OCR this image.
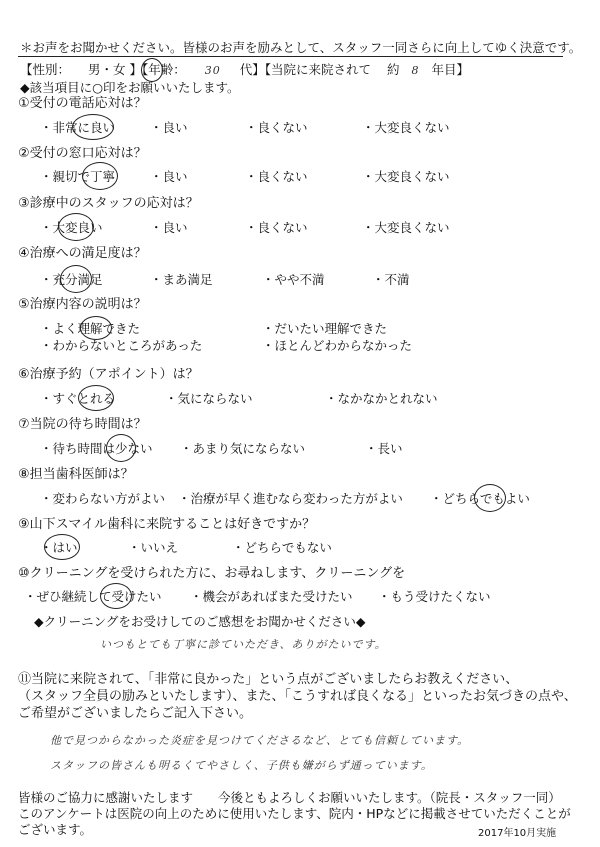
＊お声をお聞かせください。皆様のお声を励みとして、スタッフ一同さらに向上してゆく決意です。
【性別： 男・女 】【年齢： 30 代】【当院に来院されて 約 8 年目】
◆該当項目に○印をお願いいたします。
①受付の電話応対は？
・非常に良い	・良い	・良くない	・大変良くない
②受付の窓口応対は？
・親切で丁寧	・良い	・良くない	・大変良くない
③診療中のスタッフの応対は？
・大変良い	・良い	・良くない	・大変良くない
④治療への満足度は？
・充分満足	・まあ満足	・やや不満	・不満
⑤治療内容の説明は？
・よく理解できた	・だいたい理解できた
・わからないところがあった	・ほとんどわからなかった
⑥治療予約（アポイント）は？
・すぐとれる	・気にならない	・なかなかとれない
⑦当院の待ち時間は？
・待ち時間は少ない ・あまり気にならない	・長い
⑧担当歯科医師は？
・変わらない方がよい ・治療が早く進むなら変わった方がよい ・どちらでもよい
⑨山下スマイル歯科に来院することは好きですか？
・はい	・いいえ	・どちらでもない
⑩クリーニングを受けられた方に、お尋ねします、クリーニングを
・ぜひ継続して受けたい ・機会があればまた受けたい ・もう受けたくない
◆クリーニングをお受けしてのご感想をお聞かせください◆
いつもとても丁寧に診ていただき、ありがたいです。
⑪当院に来院されて、「非常に良かった」という点がございましたらお教えください、
（スタッフ全員の励みといたします）、また、「こうすれば良くなる」といったお気づきの点や、
ご希望がございましたらご記入下さい。
他で見つからなかった炎症を見つけてくださるなど、とても信頼しています。
スタッフの皆さんも明るくてやさしく、子供も嫌がらず通っています。
皆様のご協力に感謝いたします　　今後ともよろしくお願いいたします。（院長・スタッフ一同）
このアンケートは医院の向上のために使用いたします、院内・HPなどに掲載させていただくことが
ございます。	2017年10月実施
